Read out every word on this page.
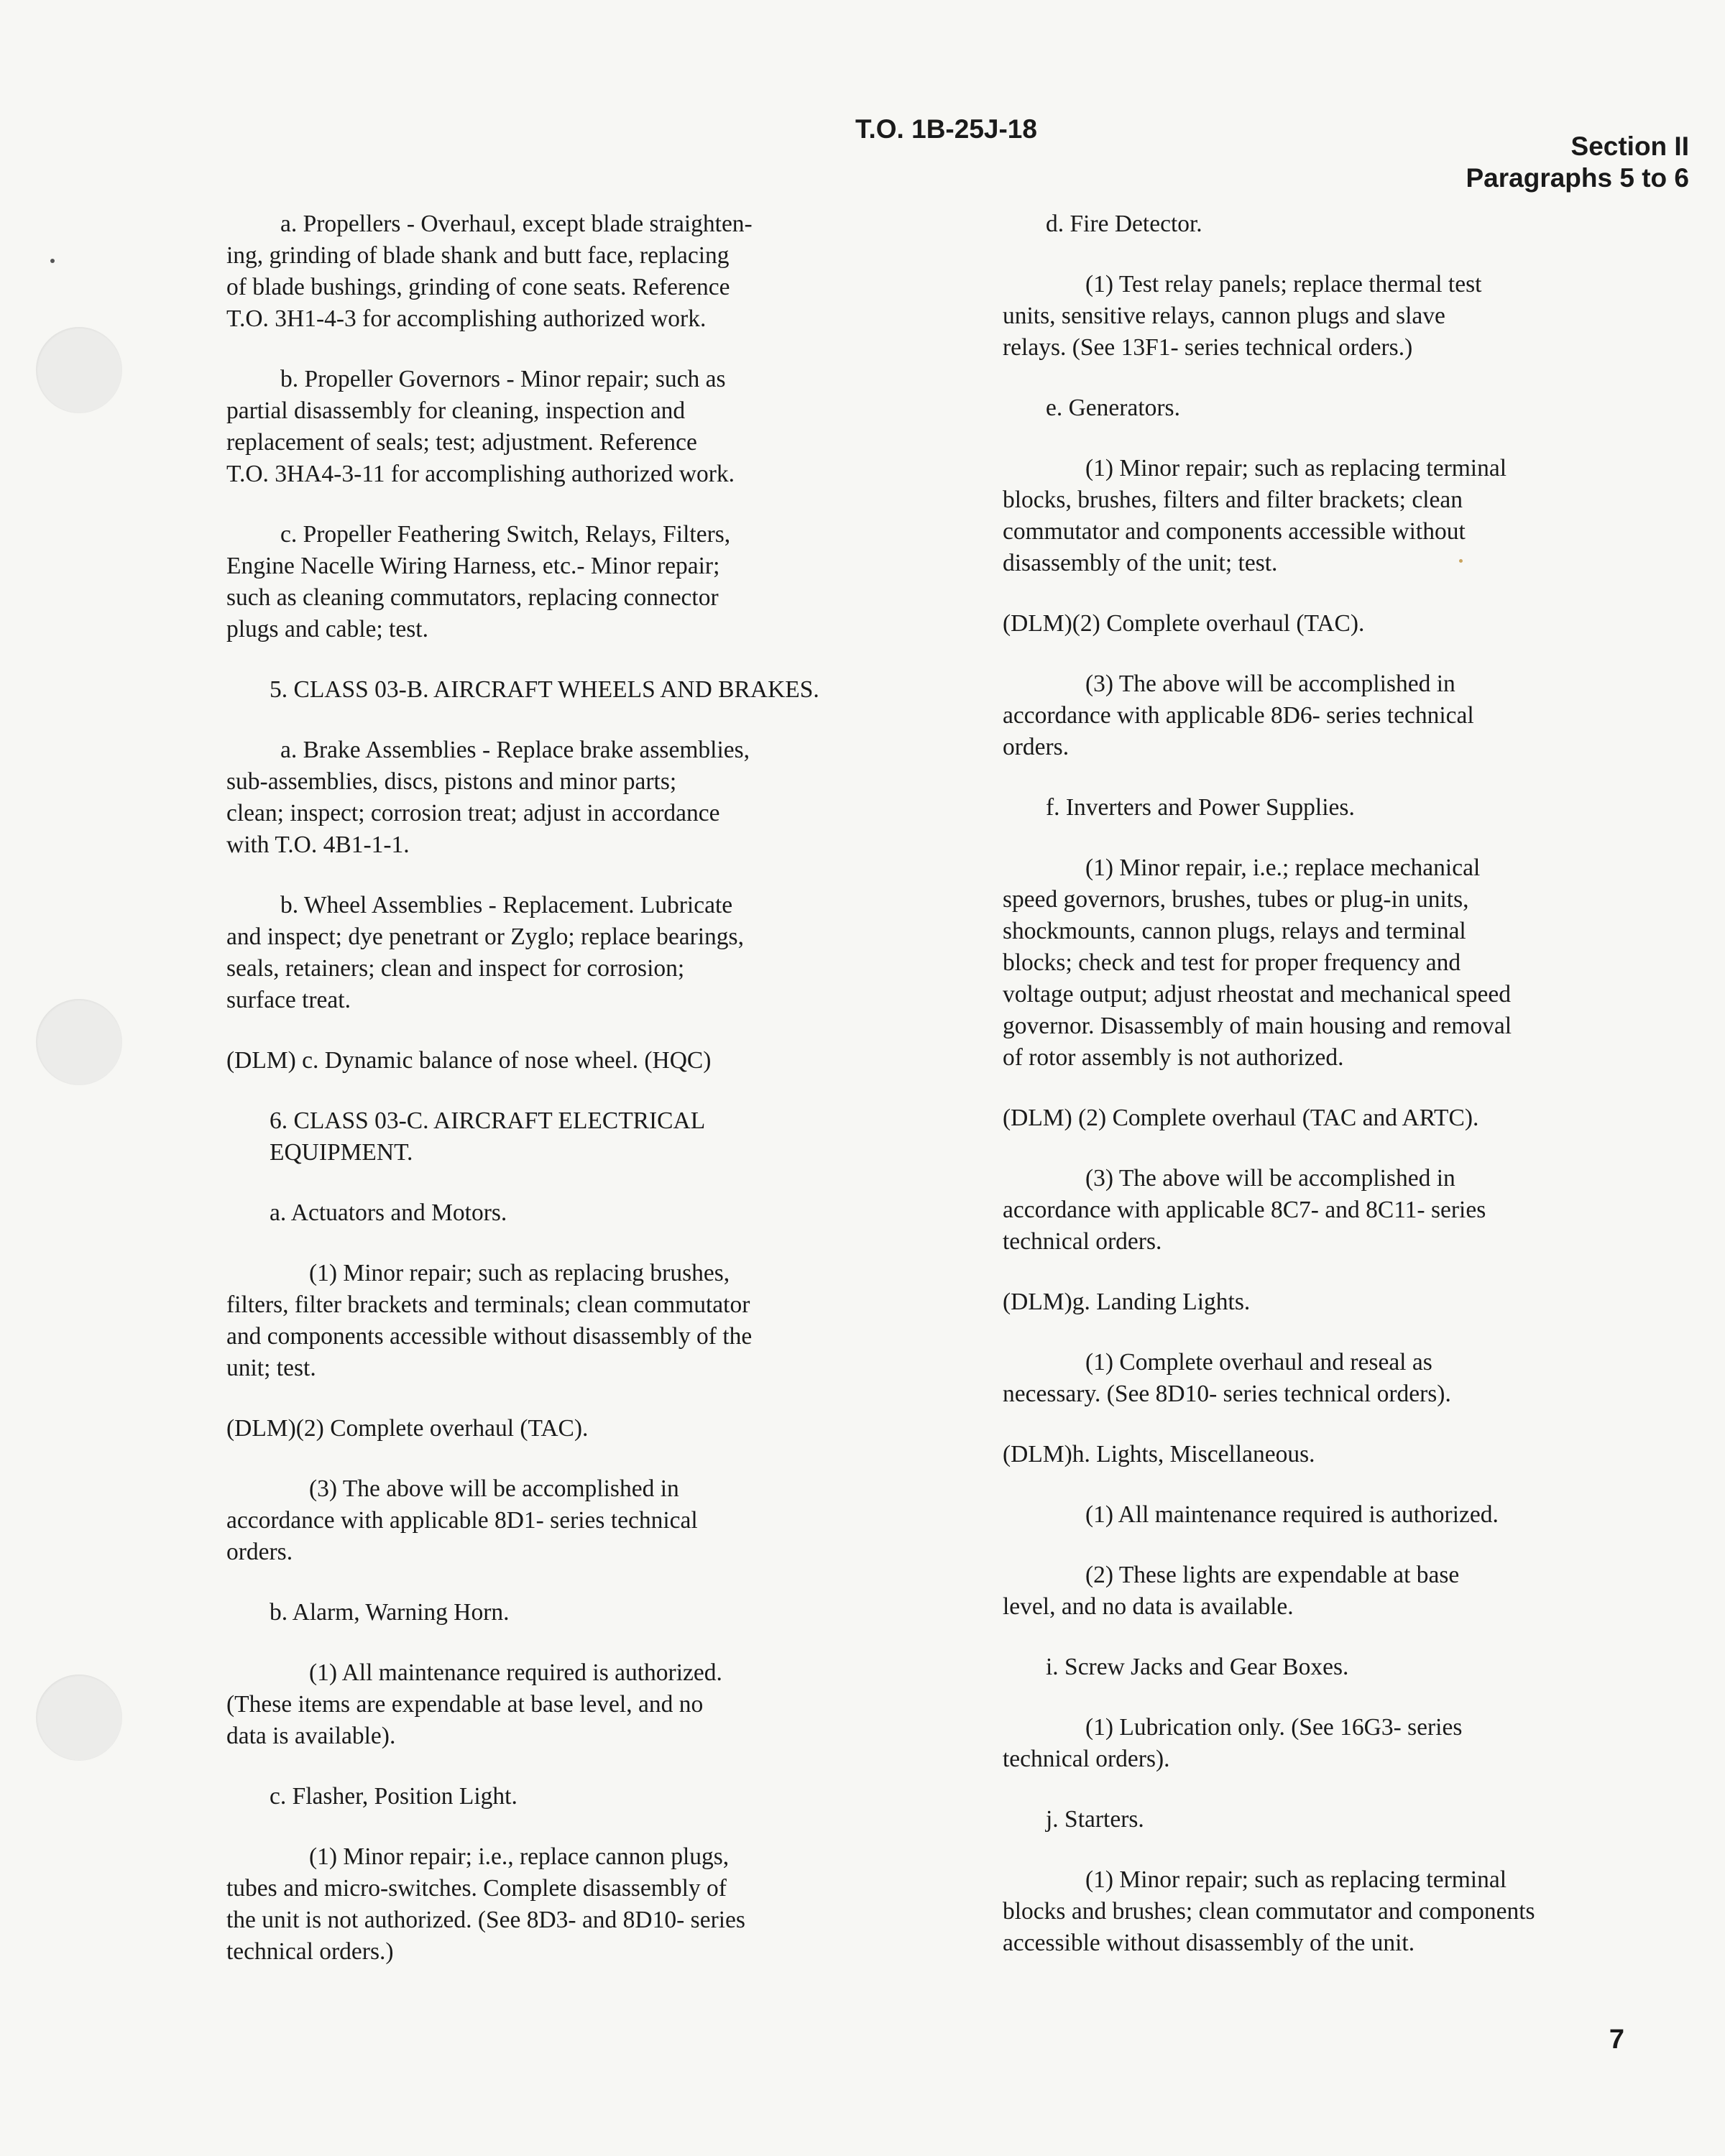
T.O. 1B-25J-18

Section II

Paragraphs 5 to 6

a. Propellers - Overhaul, except blade straighten-
ing, grinding of blade shank and butt face, replacing
of blade bushings, grinding of cone seats. Reference
T.O. 3H1-4-3 for accomplishing authorized work.

b. Propeller Governors - Minor repair; such as
partial disassembly for cleaning, inspection and
replacement of seals; test; adjustment. Reference
T.O. 3HA4-3-11 for accomplishing authorized work.

c. Propeller Feathering Switch, Relays, Filters,
Engine Nacelle Wiring Harness, etc.- Minor repair;
such as cleaning commutators, replacing connector
plugs and cable; test.

5. CLASS 03-B. AIRCRAFT WHEELS AND BRAKES.

a. Brake Assemblies - Replace brake assemblies,
sub-assemblies, discs, pistons and minor parts;
clean; inspect; corrosion treat; adjust in accordance
with T.O. 4B1-1-1.

b. Wheel Assemblies - Replacement. Lubricate
and inspect; dye penetrant or Zyglo; replace bearings,
seals, retainers; clean and inspect for corrosion;
surface treat.

(DLM) c. Dynamic balance of nose wheel. (HQC)

6. CLASS 03-C. AIRCRAFT ELECTRICAL
EQUIPMENT.

a. Actuators and Motors.

(1) Minor repair; such as replacing brushes,
filters, filter brackets and terminals; clean commutator
and components accessible without disassembly of the
unit; test.

(DLM)(2) Complete overhaul (TAC).

(3) The above will be accomplished in
accordance with applicable 8D1- series technical
orders.

b. Alarm, Warning Horn.

(1) All maintenance required is authorized.
(These items are expendable at base level, and no
data is available).

c. Flasher, Position Light.

(1) Minor repair; i.e., replace cannon plugs,
tubes and micro-switches. Complete disassembly of
the unit is not authorized. (See 8D3- and 8D10- series
technical orders.)

d. Fire Detector.

(1) Test relay panels; replace thermal test
units, sensitive relays, cannon plugs and slave
relays. (See 13F1- series technical orders.)

e. Generators.

(1) Minor repair; such as replacing terminal
blocks, brushes, filters and filter brackets; clean
commutator and components accessible without
disassembly of the unit; test.

(DLM)(2) Complete overhaul (TAC).

(3) The above will be accomplished in
accordance with applicable 8D6- series technical
orders.

f. Inverters and Power Supplies.

(1) Minor repair, i.e.; replace mechanical
speed governors, brushes, tubes or plug-in units,
shockmounts, cannon plugs, relays and terminal
blocks; check and test for proper frequency and
voltage output; adjust rheostat and mechanical speed
governor. Disassembly of main housing and removal
of rotor assembly is not authorized.

(DLM) (2) Complete overhaul (TAC and ARTC).

(3) The above will be accomplished in
accordance with applicable 8C7- and 8C11- series
technical orders.

(DLM)g. Landing Lights.

(1) Complete overhaul and reseal as
necessary. (See 8D10- series technical orders).

(DLM)h. Lights, Miscellaneous.

(1) All maintenance required is authorized.

(2) These lights are expendable at base
level, and no data is available.

i. Screw Jacks and Gear Boxes.

(1) Lubrication only. (See 16G3- series
technical orders).

j. Starters.

(1) Minor repair; such as replacing terminal
blocks and brushes; clean commutator and components
accessible without disassembly of the unit.

7
